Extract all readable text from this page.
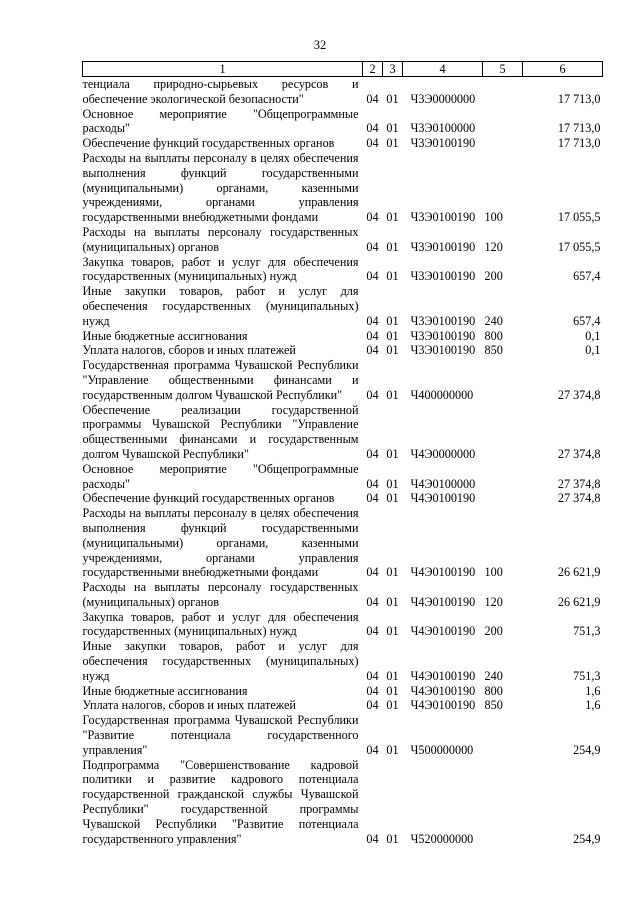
32
1	2	3	4	5	6
тенциала природно-сырьевых ресурсов и обеспечение экологической безопасности"	04	01	Ч3Э0000000		17 713,0
Основное мероприятие "Общепрограммные расходы"	04	01	Ч3Э0100000		17 713,0
Обеспечение функций государственных органов	04	01	Ч3Э0100190		17 713,0
Расходы на выплаты персоналу в целях обеспечения выполнения функций государственными (муниципальными) органами, казенными учреждениями, органами управления государственными внебюджетными фондами	04	01	Ч3Э0100190	100	17 055,5
Расходы на выплаты персоналу государственных (муниципальных) органов	04	01	Ч3Э0100190	120	17 055,5
Закупка товаров, работ и услуг для обеспечения государственных (муниципальных) нужд	04	01	Ч3Э0100190	200	657,4
Иные закупки товаров, работ и услуг для обеспечения государственных (муниципальных) нужд	04	01	Ч3Э0100190	240	657,4
Иные бюджетные ассигнования	04	01	Ч3Э0100190	800	0,1
Уплата налогов, сборов и иных платежей	04	01	Ч3Э0100190	850	0,1
Государственная программа Чувашской Республики "Управление общественными финансами и государственным долгом Чувашской Республики"	04	01	Ч400000000		27 374,8
Обеспечение реализации государственной программы Чувашской Республики "Управление общественными финансами и государственным долгом Чувашской Республики"	04	01	Ч4Э0000000		27 374,8
Основное мероприятие "Общепрограммные расходы"	04	01	Ч4Э0100000		27 374,8
Обеспечение функций государственных органов	04	01	Ч4Э0100190		27 374,8
Расходы на выплаты персоналу в целях обеспечения выполнения функций государственными (муниципальными) органами, казенными учреждениями, органами управления государственными внебюджетными фондами	04	01	Ч4Э0100190	100	26 621,9
Расходы на выплаты персоналу государственных (муниципальных) органов	04	01	Ч4Э0100190	120	26 621,9
Закупка товаров, работ и услуг для обеспечения государственных (муниципальных) нужд	04	01	Ч4Э0100190	200	751,3
Иные закупки товаров, работ и услуг для обеспечения государственных (муниципальных) нужд	04	01	Ч4Э0100190	240	751,3
Иные бюджетные ассигнования	04	01	Ч4Э0100190	800	1,6
Уплата налогов, сборов и иных платежей	04	01	Ч4Э0100190	850	1,6
Государственная программа Чувашской Республики "Развитие потенциала государственного управления"	04	01	Ч500000000		254,9
Подпрограмма "Совершенствование кадровой политики и развитие кадрового потенциала государственной гражданской службы Чувашской Республики" государственной программы Чувашской Республики "Развитие потенциала государственного управления"	04	01	Ч520000000		254,9
